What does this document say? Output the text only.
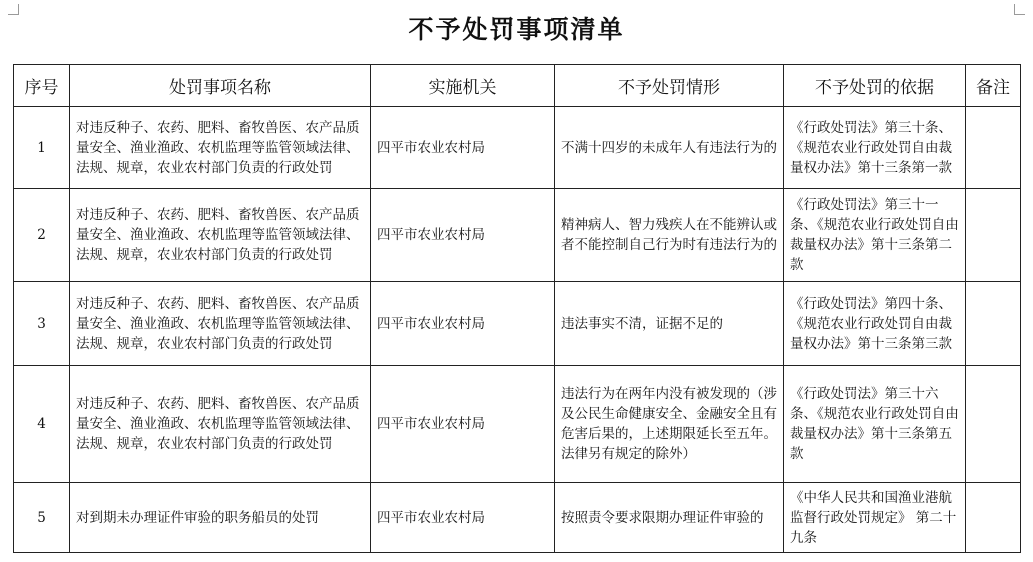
不予处罚事项清单
序号	处罚事项名称	实施机关	不予处罚情形	不予处罚的依据	备注
1	对违反种子、农药、肥料、畜牧兽医、农产品质量安全、渔业渔政、农机监理等监管领域法律、法规、规章，农业农村部门负责的行政处罚	四平市农业农村局	不满十四岁的未成年人有违法行为的	《行政处罚法》第三十条、《规范农业行政处罚自由裁量权办法》第十三条第一款	
2	对违反种子、农药、肥料、畜牧兽医、农产品质量安全、渔业渔政、农机监理等监管领域法律、法规、规章，农业农村部门负责的行政处罚	四平市农业农村局	精神病人、智力残疾人在不能辨认或者不能控制自己行为时有违法行为的	《行政处罚法》第三十一条、《规范农业行政处罚自由裁量权办法》第十三条第二款	
3	对违反种子、农药、肥料、畜牧兽医、农产品质量安全、渔业渔政、农机监理等监管领域法律、法规、规章，农业农村部门负责的行政处罚	四平市农业农村局	违法事实不清，证据不足的	《行政处罚法》第四十条、《规范农业行政处罚自由裁量权办法》第十三条第三款	
4	对违反种子、农药、肥料、畜牧兽医、农产品质量安全、渔业渔政、农机监理等监管领域法律、法规、规章，农业农村部门负责的行政处罚	四平市农业农村局	违法行为在两年内没有被发现的（涉及公民生命健康安全、金融安全且有危害后果的，上述期限延长至五年。法律另有规定的除外）	《行政处罚法》第三十六条、《规范农业行政处罚自由裁量权办法》第十三条第五款	
5	对到期未办理证件审验的职务船员的处罚	四平市农业农村局	按照责令要求限期办理证件审验的	《中华人民共和国渔业港航监督行政处罚规定》 第二十九条	
